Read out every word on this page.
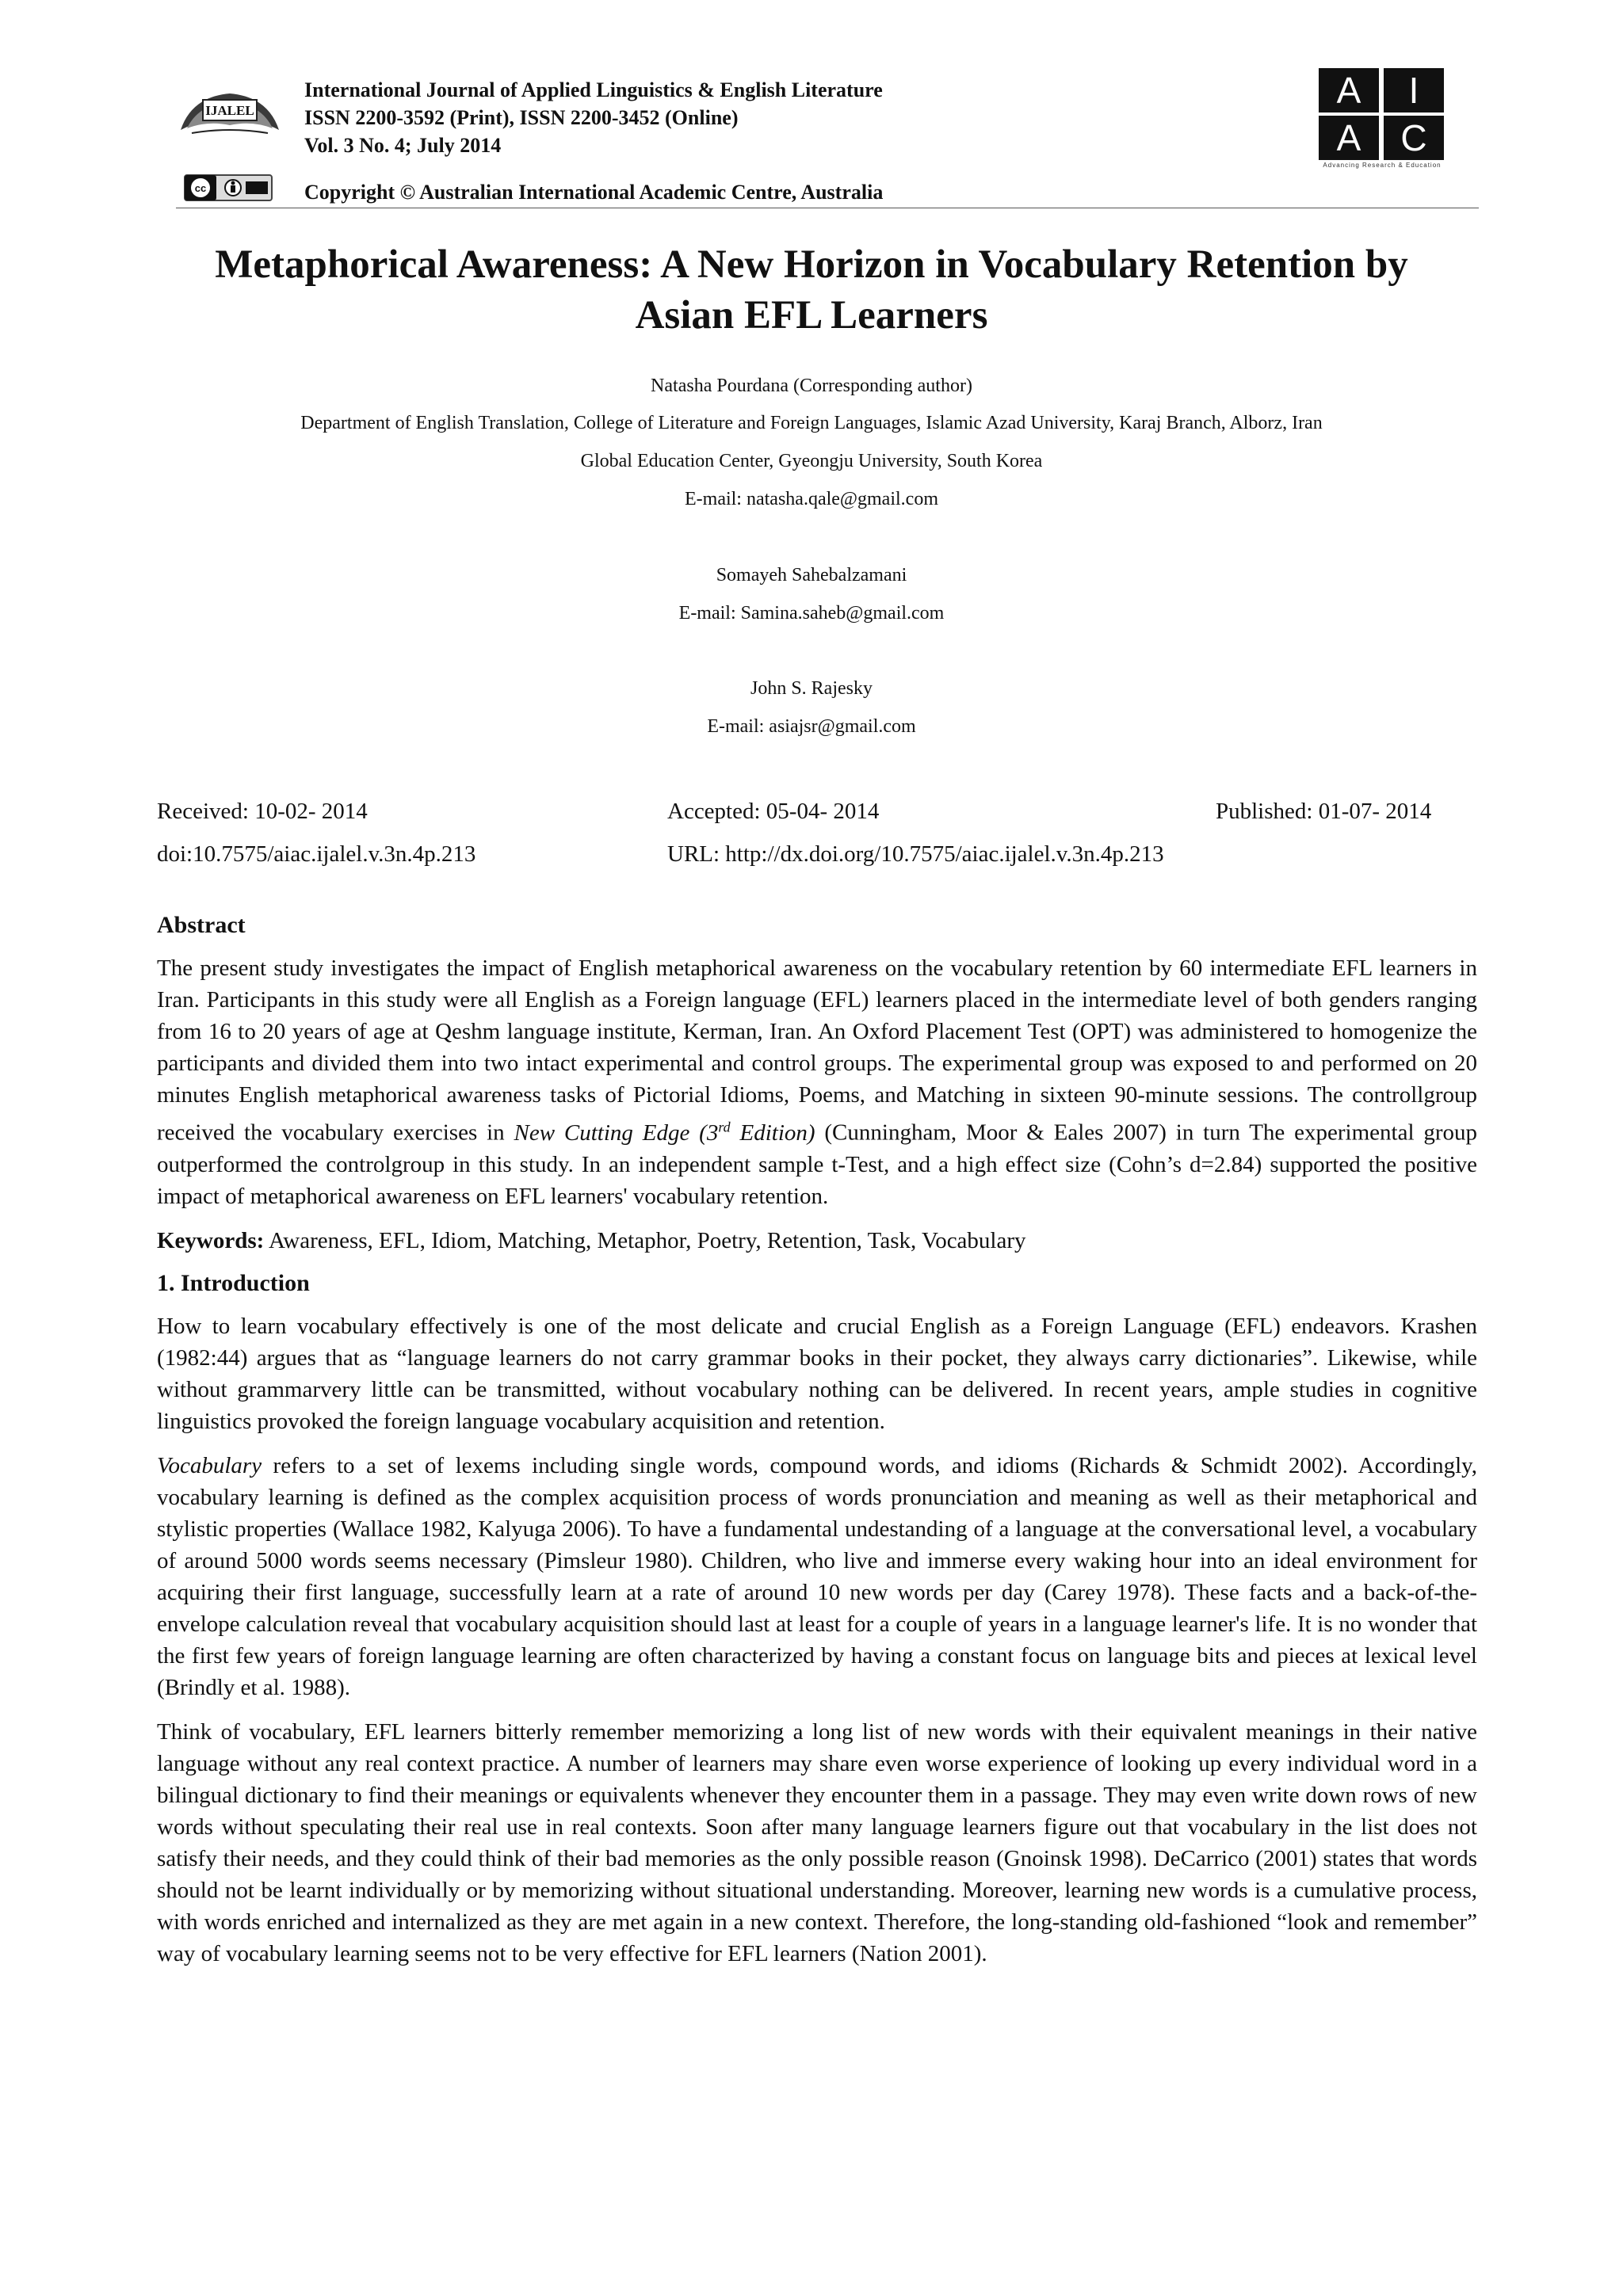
IJALEL
International Journal of Applied Linguistics & English Literature
ISSN 2200-3592 (Print), ISSN 2200-3452 (Online)
Vol. 3 No. 4; July 2014
cc	Copyright © Australian International Academic Centre, Australia
A	I
A	C
Advancing Research & Education
Metaphorical Awareness: A New Horizon in Vocabulary Retention by
Asian EFL Learners
Natasha Pourdana (Corresponding author)
Department of English Translation, College of Literature and Foreign Languages, Islamic Azad University, Karaj Branch, Alborz, Iran
Global Education Center, Gyeongju University, South Korea
E-mail: natasha.qale@gmail.com
Somayeh Sahebalzamani
E-mail: Samina.saheb@gmail.com
John S. Rajesky
E-mail: asiajsr@gmail.com
Received: 10-02- 2014	Accepted: 05-04- 2014	Published: 01-07- 2014
doi:10.7575/aiac.ijalel.v.3n.4p.213	URL: http://dx.doi.org/10.7575/aiac.ijalel.v.3n.4p.213
Abstract

The present study investigates the impact of English metaphorical awareness on the vocabulary retention by 60 intermediate EFL learners in Iran. Participants in this study were all English as a Foreign language (EFL) learners placed in the intermediate level of both genders ranging from 16 to 20 years of age at Qeshm language institute, Kerman, Iran. An Oxford Placement Test (OPT) was administered to homogenize the participants and divided them into two intact experimental and control groups. The experimental group was exposed to and performed on 20 minutes English metaphorical awareness tasks of Pictorial Idioms, Poems, and Matching in sixteen 90-minute sessions. The controllgroup received the vocabulary exercises in New Cutting Edge (3rd Edition) (Cunningham, Moor & Eales 2007) in turn The experimental group outperformed the controlgroup in this study. In an independent sample t-Test, and a high effect size (Cohn’s d=2.84) supported the positive impact of metaphorical awareness on EFL learners' vocabulary retention.

Keywords: Awareness, EFL, Idiom, Matching, Metaphor, Poetry, Retention, Task, Vocabulary

1. Introduction

How to learn vocabulary effectively is one of the most delicate and crucial English as a Foreign Language (EFL) endeavors. Krashen (1982:44) argues that as “language learners do not carry grammar books in their pocket, they always carry dictionaries”. Likewise, while without grammarvery little can be transmitted, without vocabulary nothing can be delivered. In recent years, ample studies in cognitive linguistics provoked the foreign language vocabulary acquisition and retention.

Vocabulary refers to a set of lexems including single words, compound words, and idioms (Richards & Schmidt 2002). Accordingly, vocabulary learning is defined as the complex acquisition process of words pronunciation and meaning as well as their metaphorical and stylistic properties (Wallace 1982, Kalyuga 2006). To have a fundamental undestanding of a language at the conversational level, a vocabulary of around 5000 words seems necessary (Pimsleur 1980). Children, who live and immerse every waking hour into an ideal environment for acquiring their first language, successfully learn at a rate of around 10 new words per day (Carey 1978). These facts and a back-of-the-envelope calculation reveal that vocabulary acquisition should last at least for a couple of years in a language learner's life. It is no wonder that the first few years of foreign language learning are often characterized by having a constant focus on language bits and pieces at lexical level (Brindly et al. 1988).

Think of vocabulary, EFL learners bitterly remember memorizing a long list of new words with their equivalent meanings in their native language without any real context practice. A number of learners may share even worse experience of looking up every individual word in a bilingual dictionary to find their meanings or equivalents whenever they encounter them in a passage. They may even write down rows of new words without speculating their real use in real contexts. Soon after many language learners figure out that vocabulary in the list does not satisfy their needs, and they could think of their bad memories as the only possible reason (Gnoinsk 1998). DeCarrico (2001) states that words should not be learnt individually or by memorizing without situational understanding. Moreover, learning new words is a cumulative process, with words enriched and internalized as they are met again in a new context. Therefore, the long-standing old-fashioned “look and remember” way of vocabulary learning seems not to be very effective for EFL learners (Nation 2001).
